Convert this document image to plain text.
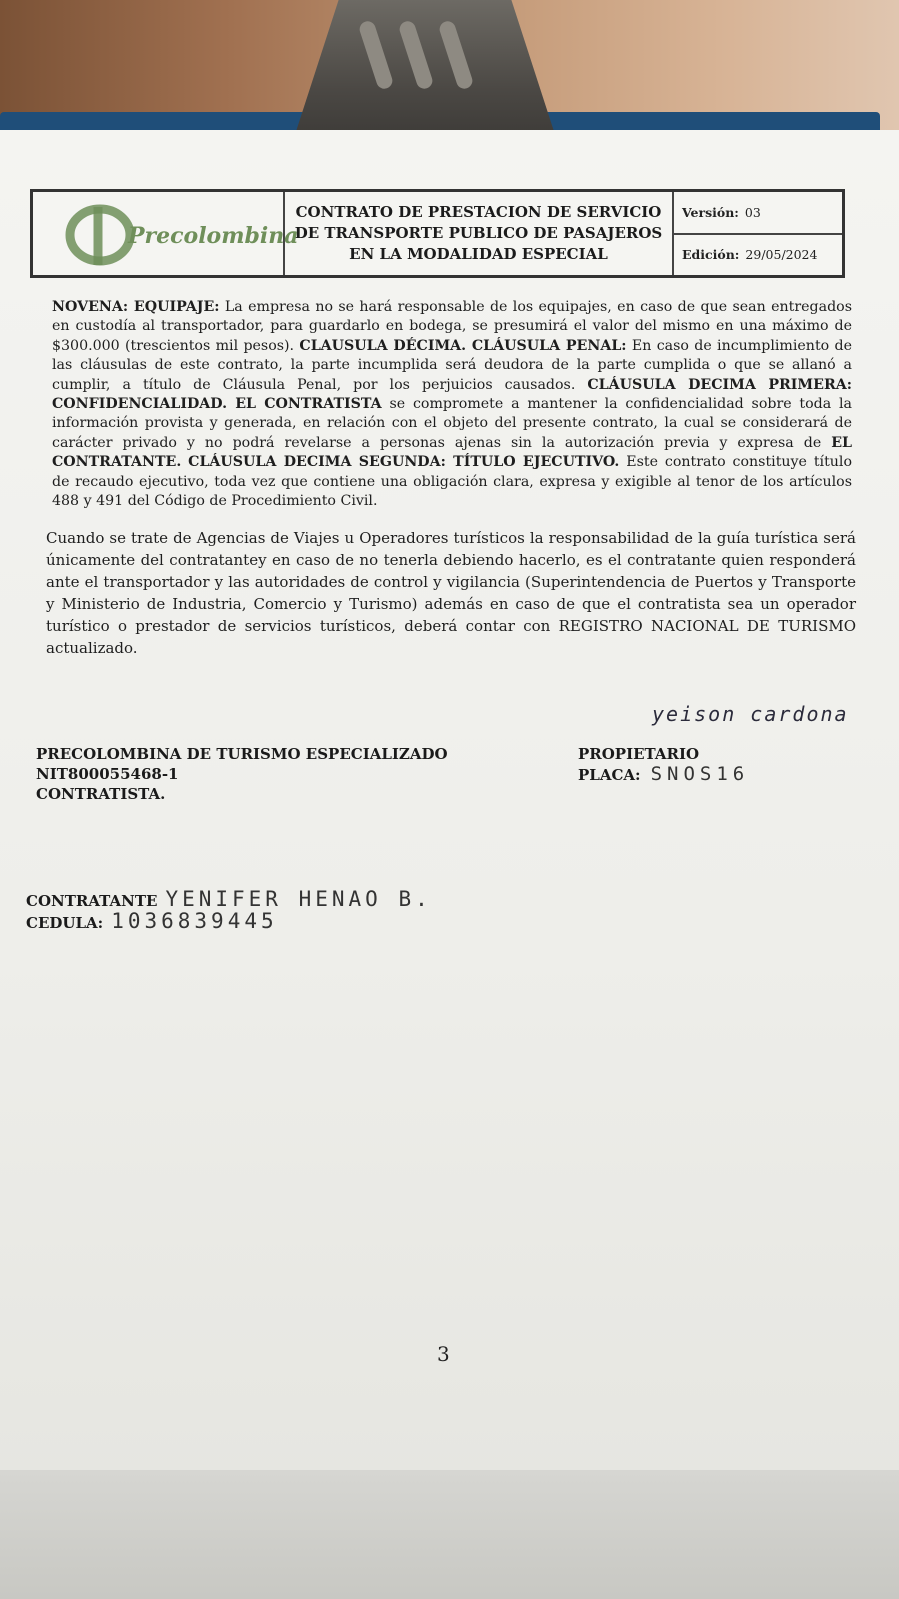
Precolombina
CONTRATO DE PRESTACION DE SERVICIO
DE TRANSPORTE PUBLICO DE PASAJEROS
EN LA MODALIDAD ESPECIAL
Versión: 03
Edición: 29/05/2024
NOVENA: EQUIPAJE: La empresa no se hará responsable de los equipajes, en caso de que sean entregados en custodía al transportador, para guardarlo en bodega, se presumirá el valor del mismo en una máximo de $300.000 (trescientos mil pesos). CLAUSULA DÉCIMA. CLÁUSULA PENAL: En caso de incumplimiento de las cláusulas de este contrato, la parte incumplida será deudora de la parte cumplida o que se allanó a cumplir, a título de Cláusula Penal, por los perjuicios causados. CLÁUSULA DECIMA PRIMERA: CONFIDENCIALIDAD. EL CONTRATISTA se compromete a mantener la confidencialidad sobre toda la información provista y generada, en relación con el objeto del presente contrato, la cual se considerará de carácter privado y no podrá revelarse a personas ajenas sin la autorización previa y expresa de EL CONTRATANTE. CLÁUSULA DECIMA SEGUNDA: TÍTULO EJECUTIVO. Este contrato constituye título de recaudo ejecutivo, toda vez que contiene una obligación clara, expresa y exigible al tenor de los artículos 488 y 491 del Código de Procedimiento Civil.
Cuando se trate de Agencias de Viajes u Operadores turísticos la responsabilidad de la guía turística será únicamente del contratantey en caso de no tenerla debiendo hacerlo, es el contratante quien responderá ante el transportador y las autoridades de control y vigilancia (Superintendencia de Puertos y Transporte y Ministerio de Industria, Comercio y Turismo) además en caso de que el contratista sea un operador turístico o prestador de servicios turísticos, deberá contar con REGISTRO NACIONAL DE TURISMO actualizado.
yeison cardona
PRECOLOMBINA DE TURISMO ESPECIALIZADO
NIT800055468-1
CONTRATISTA.
PROPIETARIO
PLACA: SNOS16
CONTRATANTE YENIFER HENAO B.
CEDULA: 1036839445
3
